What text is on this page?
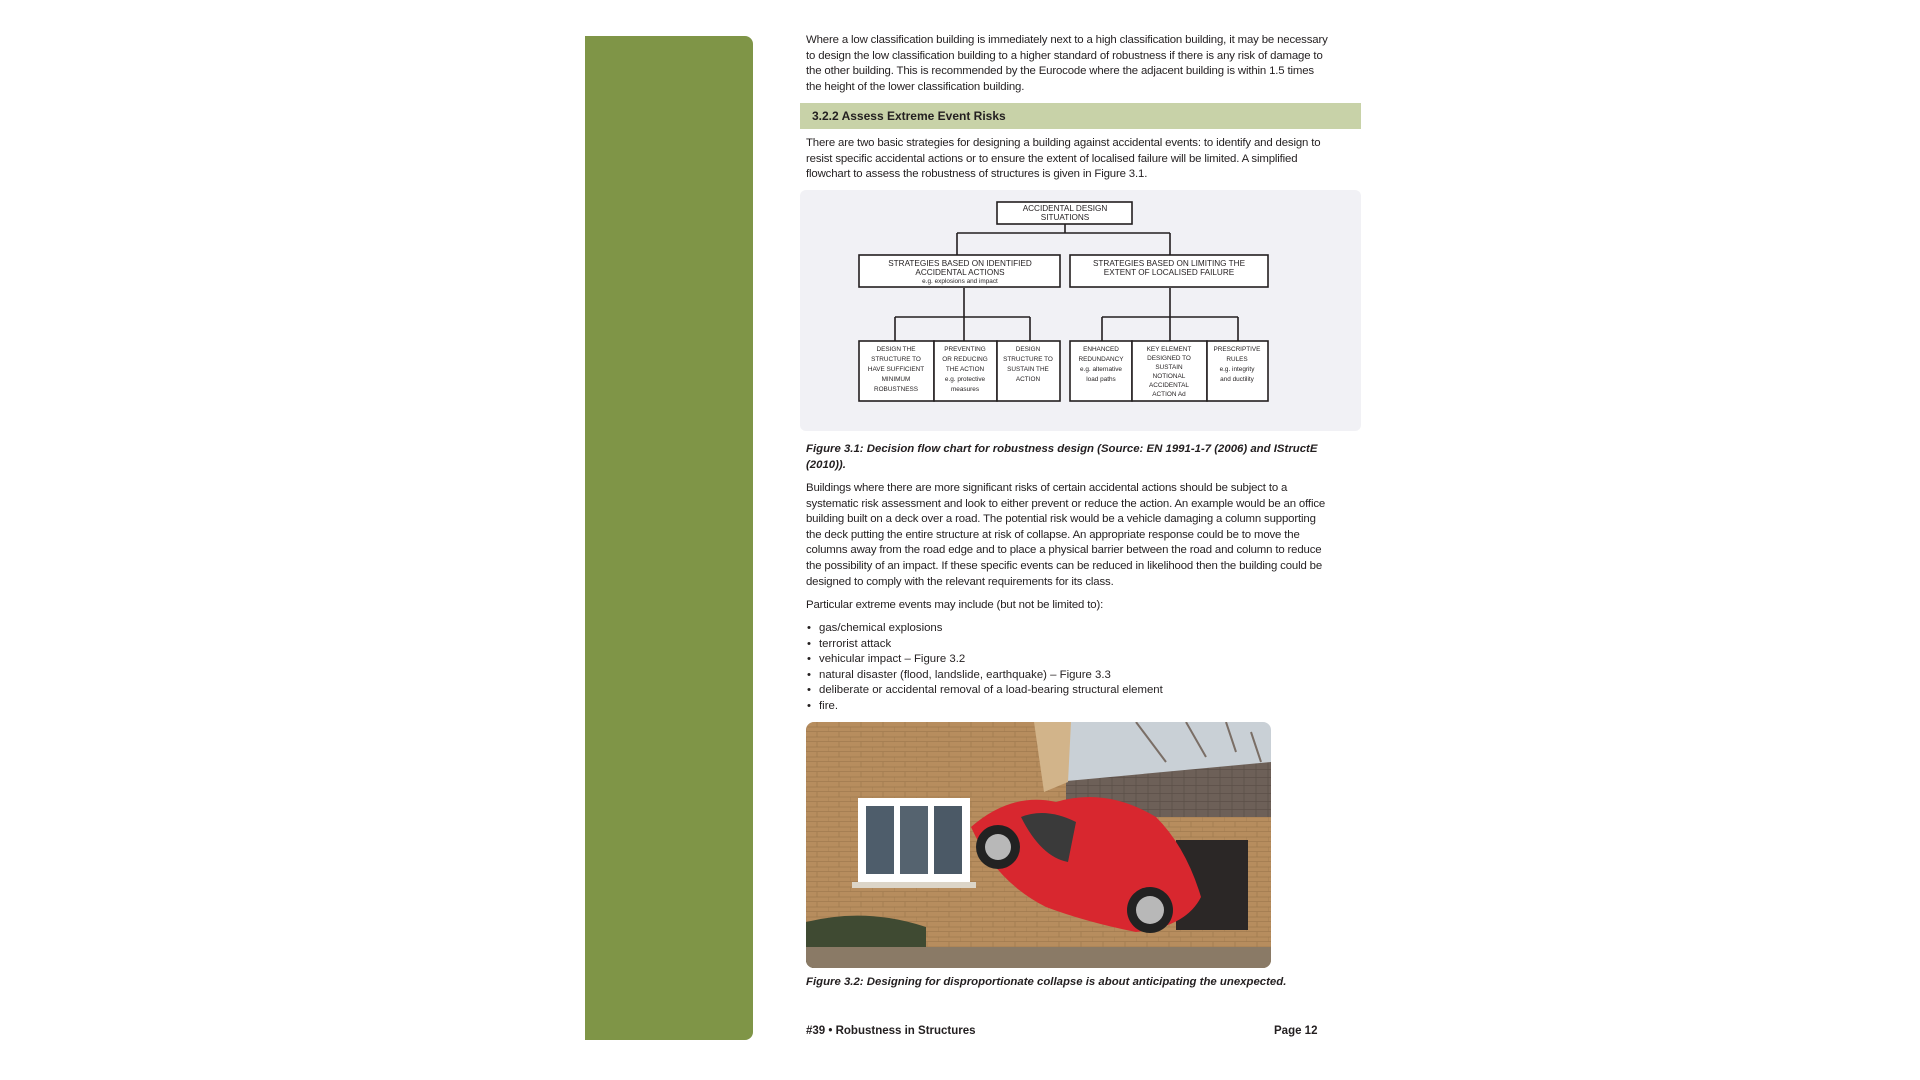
Where a low classification building is immediately next to a high classification building, it may be necessary to design the low classification building to a higher standard of robustness if there is any risk of damage to the other building. This is recommended by the Eurocode where the adjacent building is within 1.5 times the height of the lower classification building.

3.2.2 Assess Extreme Event Risks

There are two basic strategies for designing a building against accidental events: to identify and design to resist specific accidental actions or to ensure the extent of localised failure will be limited. A simplified flowchart to assess the robustness of structures is given in Figure 3.1.

ACCIDENTAL DESIGN
SITUATIONS
STRATEGIES BASED ON IDENTIFIED
ACCIDENTAL ACTIONS
e.g. explosions and impact
STRATEGIES BASED ON LIMITING THE
EXTENT OF LOCALISED FAILURE
DESIGN THE
STRUCTURE TO
HAVE SUFFICIENT
MINIMUM
ROBUSTNESS
PREVENTING
OR REDUCING
THE ACTION
e.g. protective
measures
DESIGN
STRUCTURE TO
SUSTAIN THE
ACTION
ENHANCED
REDUNDANCY
e.g. alternative
load paths
KEY ELEMENT
DESIGNED TO
SUSTAIN
NOTIONAL
ACCIDENTAL
ACTION Ad
PRESCRIPTIVE
RULES
e.g. integrity
and ductility

Figure 3.1: Decision flow chart for robustness design (Source: EN 1991-1-7 (2006) and IStructE (2010)).

Buildings where there are more significant risks of certain accidental actions should be subject to a systematic risk assessment and look to either prevent or reduce the action. An example would be an office building built on a deck over a road. The potential risk would be a vehicle damaging a column supporting the deck putting the entire structure at risk of collapse. An appropriate response could be to move the columns away from the road edge and to place a physical barrier between the road and column to reduce the possibility of an impact. If these specific events can be reduced in likelihood then the building could be designed to comply with the relevant requirements for its class.

Particular extreme events may include (but not be limited to):

• gas/chemical explosions
• terrorist attack
• vehicular impact – Figure 3.2
• natural disaster (flood, landslide, earthquake) – Figure 3.3
• deliberate or accidental removal of a load-bearing structural element
• fire.

Figure 3.2: Designing for disproportionate collapse is about anticipating the unexpected.

#39 • Robustness in Structures	Page 12
